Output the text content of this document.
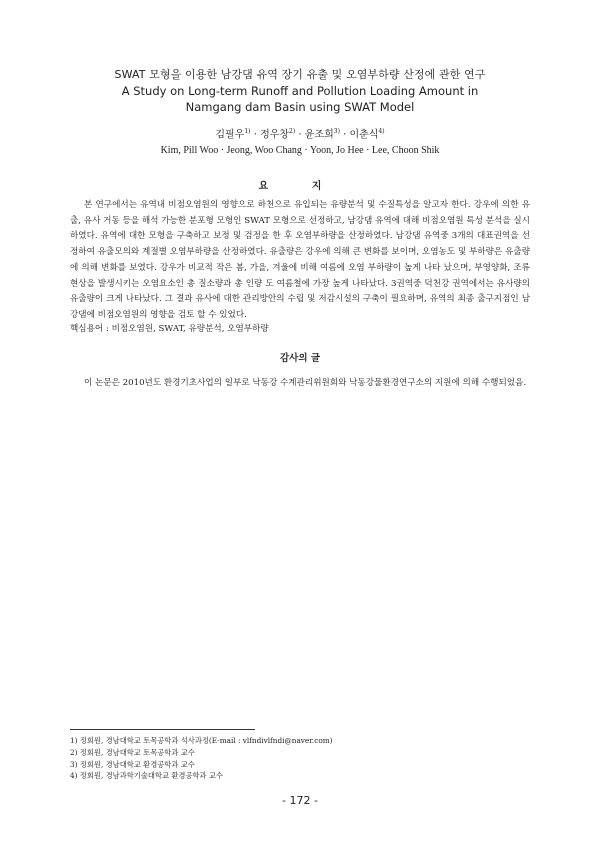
SWAT 모형을 이용한 남강댐 유역 장기 유출 및 오염부하량 산정에 관한 연구
A Study on Long-term Runoff and Pollution Loading Amount in
Namgang dam Basin using SWAT Model
김필우$^{1)}$ · 정우창$^{2)}$ · 윤조희$^{3)}$ · 이춘식$^{4)}$
Kim, Pill Woo · Jeong, Woo Chang · Yoon, Jo Hee · Lee, Choon Shik
요 지

본 연구에서는 유역내 비점오염원의 영향으로 하천으로 유입되는 유량분석 및 수질특성을 알고자 한다. 강우에 의한 유출, 유사 거동 등을 해석 가능한 분포형 모형인 SWAT 모형으로 선정하고, 남강댐 유역에 대해 비점오염원 특성 분석을 실시하였다. 유역에 대한 모형을 구축하고 보정 및 검정을 한 후 오염부하량을 산정하였다. 남강댐 유역중 3개의 대표권역을 선정하여 유출모의와 계절별 오염부하량을 산정하였다. 유출량은 강우에 의해 큰 변화를 보이며, 오염농도 및 부하량은 유출량에 의해 변화를 보였다. 강우가 비교적 작은 봄, 가을, 겨울에 비해 여름에 오염 부하량이 높게 나타 났으며, 부영양화, 조류 현상을 발생시키는 오염요소인 총 질소량과 총 인량 도 여름철에 가장 높게 나타났다. 3권역중 덕천강 권역에서는 유사량의 유출량이 크게 나타났다. 그 결과 유사에 대한 관리방안의 수립 및 저감시설의 구축이 필요하며, 유역의 최종 출구지점인 남강댐에 비점오염원의 영향을 검토 할 수 있었다.

핵심용어 : 비점오염원, SWAT, 유량분석, 오염부하량

감사의 글

이 논문은 2010년도 환경기초사업의 일부로 낙동강 수계관리위원회와 낙동강물환경연구소의 지원에 의해 수행되었음.

1) 정회원, 경남대학교 토목공학과 석사과정(E-mail : vlfndivlfndi@naver.com)
2) 정회원, 경남대학교 토목공학과 교수
3) 정회원, 경남대학교 환경공학과 교수
4) 정회원, 경남과학기술대학교 환경공학과 교수
- 172 -
